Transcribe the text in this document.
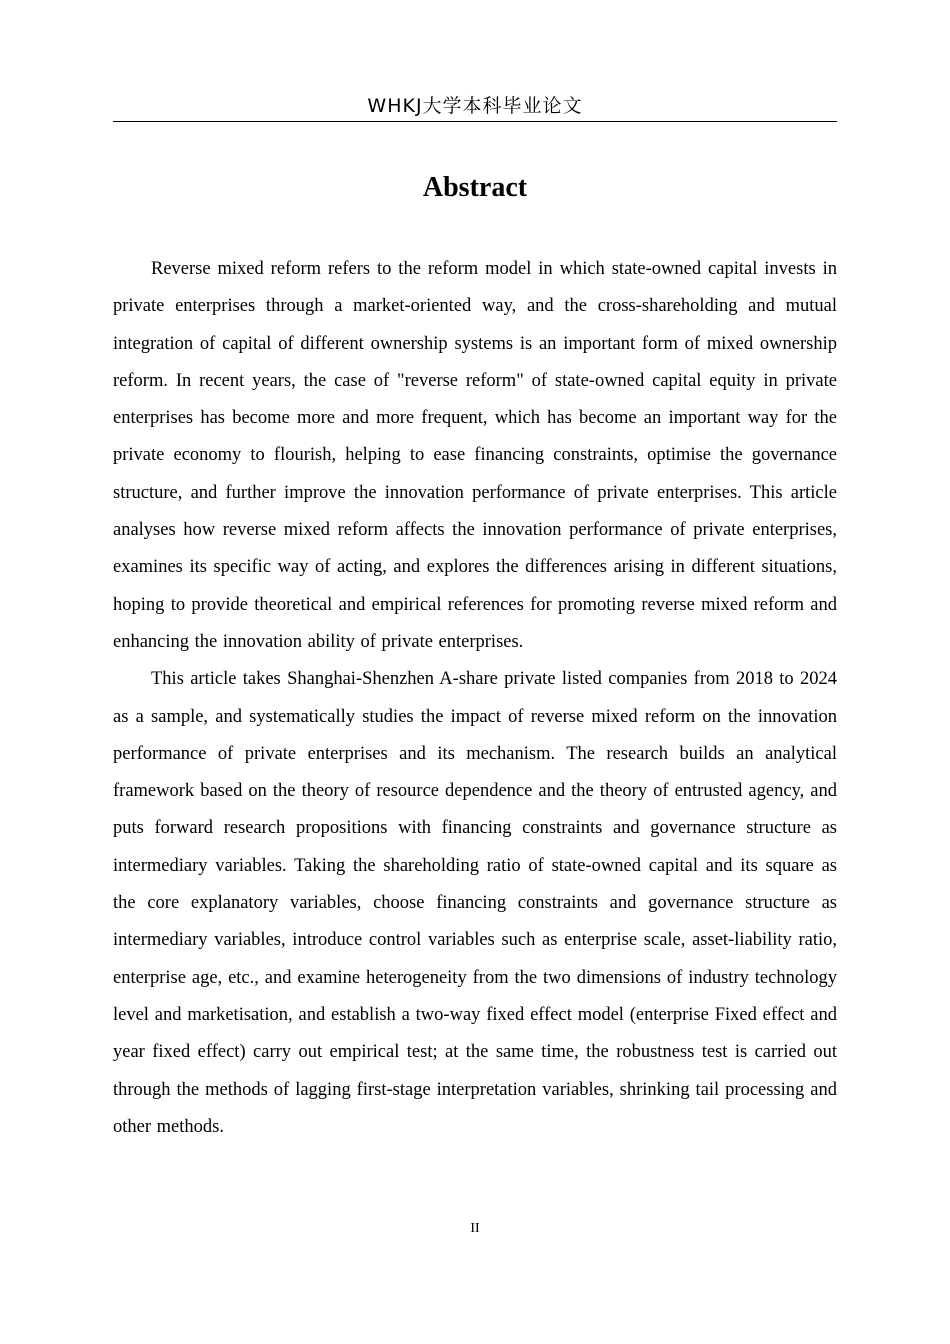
WHKJ大学本科毕业论文
Abstract

Reverse mixed reform refers to the reform model in which state-owned capital invests in private enterprises through a market-oriented way, and the cross-shareholding and mutual integration of capital of different ownership systems is an important form of mixed ownership reform. In recent years, the case of "reverse reform" of state-owned capital equity in private enterprises has become more and more frequent, which has become an important way for the private economy to flourish, helping to ease financing constraints, optimise the governance structure, and further improve the innovation performance of private enterprises. This article analyses how reverse mixed reform affects the innovation performance of private enterprises, examines its specific way of acting, and explores the differences arising in different situations, hoping to provide theoretical and empirical references for promoting reverse mixed reform and enhancing the innovation ability of private enterprises.

This article takes Shanghai-Shenzhen A-share private listed companies from 2018 to 2024 as a sample, and systematically studies the impact of reverse mixed reform on the innovation performance of private enterprises and its mechanism. The research builds an analytical framework based on the theory of resource dependence and the theory of entrusted agency, and puts forward research propositions with financing constraints and governance structure as intermediary variables. Taking the shareholding ratio of state-owned capital and its square as the core explanatory variables, choose financing constraints and governance structure as intermediary variables, introduce control variables such as enterprise scale, asset-liability ratio, enterprise age, etc., and examine heterogeneity from the two dimensions of industry technology level and marketisation, and establish a two-way fixed effect model (enterprise Fixed effect and year fixed effect) carry out empirical test; at the same time, the robustness test is carried out through the methods of lagging first-stage interpretation variables, shrinking tail processing and other methods.

II
